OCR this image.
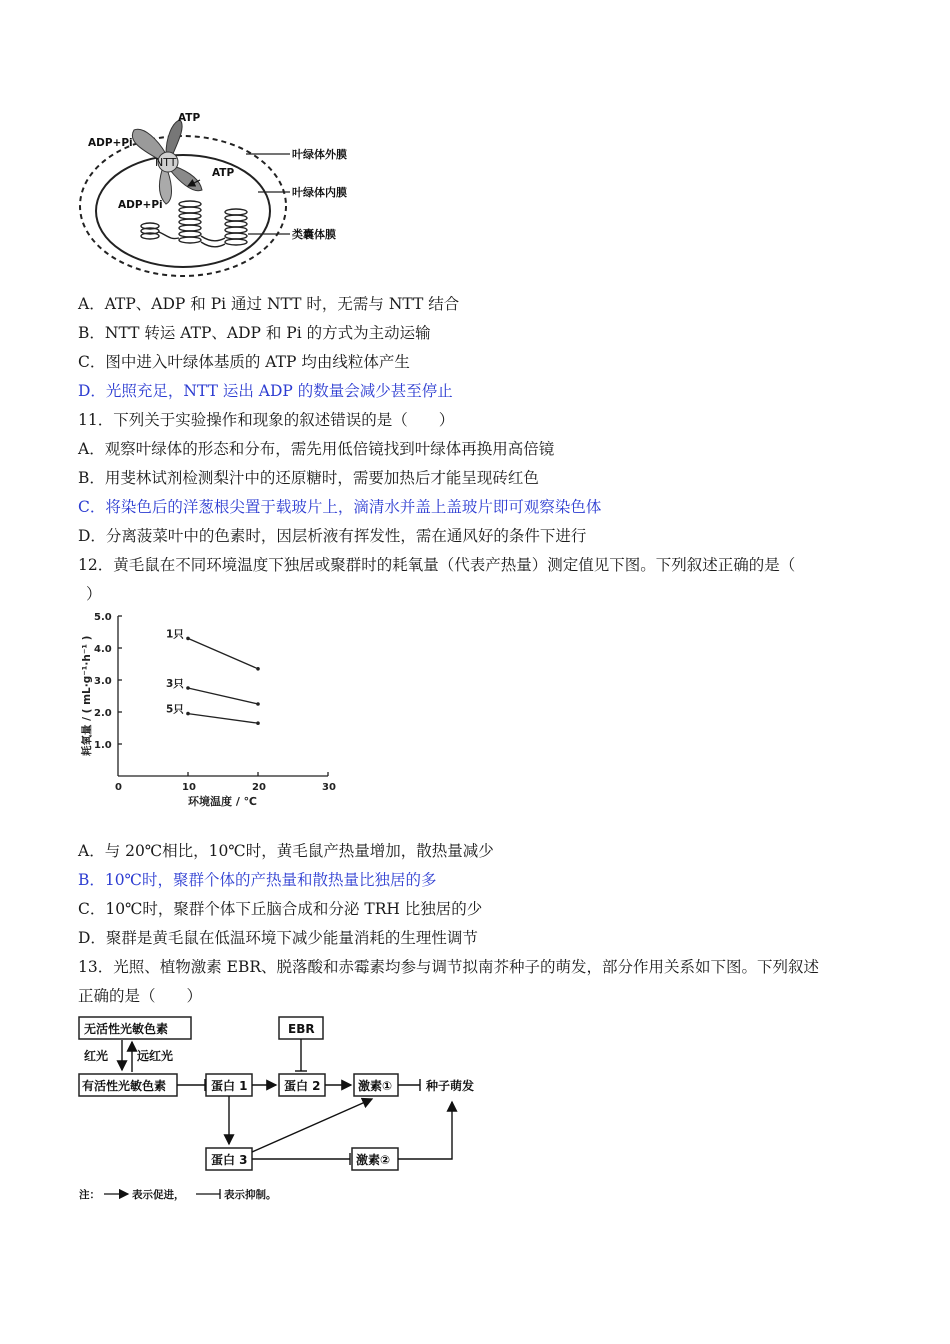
NTT
ATP
ADP+Pi
ATP
ADP+Pi
叶绿体外膜
叶绿体内膜
类囊体膜
A．ATP、ADP 和 Pi 通过 NTT 时，无需与 NTT 结合
B．NTT 转运 ATP、ADP 和 Pi 的方式为主动运输
C．图中进入叶绿体基质的 ATP 均由线粒体产生
D．光照充足，NTT 运出 ADP 的数量会减少甚至停止
11．下列关于实验操作和现象的叙述错误的是（　　）
A．观察叶绿体的形态和分布，需先用低倍镜找到叶绿体再换用高倍镜
B．用斐林试剂检测梨汁中的还原糖时，需要加热后才能呈现砖红色
C．将染色后的洋葱根尖置于载玻片上，滴清水并盖上盖玻片即可观察染色体
D．分离菠菜叶中的色素时，因层析液有挥发性，需在通风好的条件下进行
12．黄毛鼠在不同环境温度下独居或聚群时的耗氧量（代表产热量）测定值见下图。下列叙述正确的是（
）
1.0
2.0
3.0
4.0
5.0
0	10	20	30
1只
3只
5只
环境温度 / ℃
耗氧量 / ( mL·g⁻¹·h⁻¹ )
A．与 20℃相比，10℃时，黄毛鼠产热量增加，散热量减少
B．10℃时，聚群个体的产热量和散热量比独居的多
C．10℃时，聚群个体下丘脑合成和分泌 TRH 比独居的少
D．聚群是黄毛鼠在低温环境下减少能量消耗的生理性调节
13．光照、植物激素 EBR、脱落酸和赤霉素均参与调节拟南芥种子的萌发，部分作用关系如下图。下列叙述
正确的是（　　）
无活性光敏色素
有活性光敏色素
红光 远红光
EBR
蛋白 1	蛋白 2	激素①	种子萌发
蛋白 3	激素②
注：	表示促进，	表示抑制。
